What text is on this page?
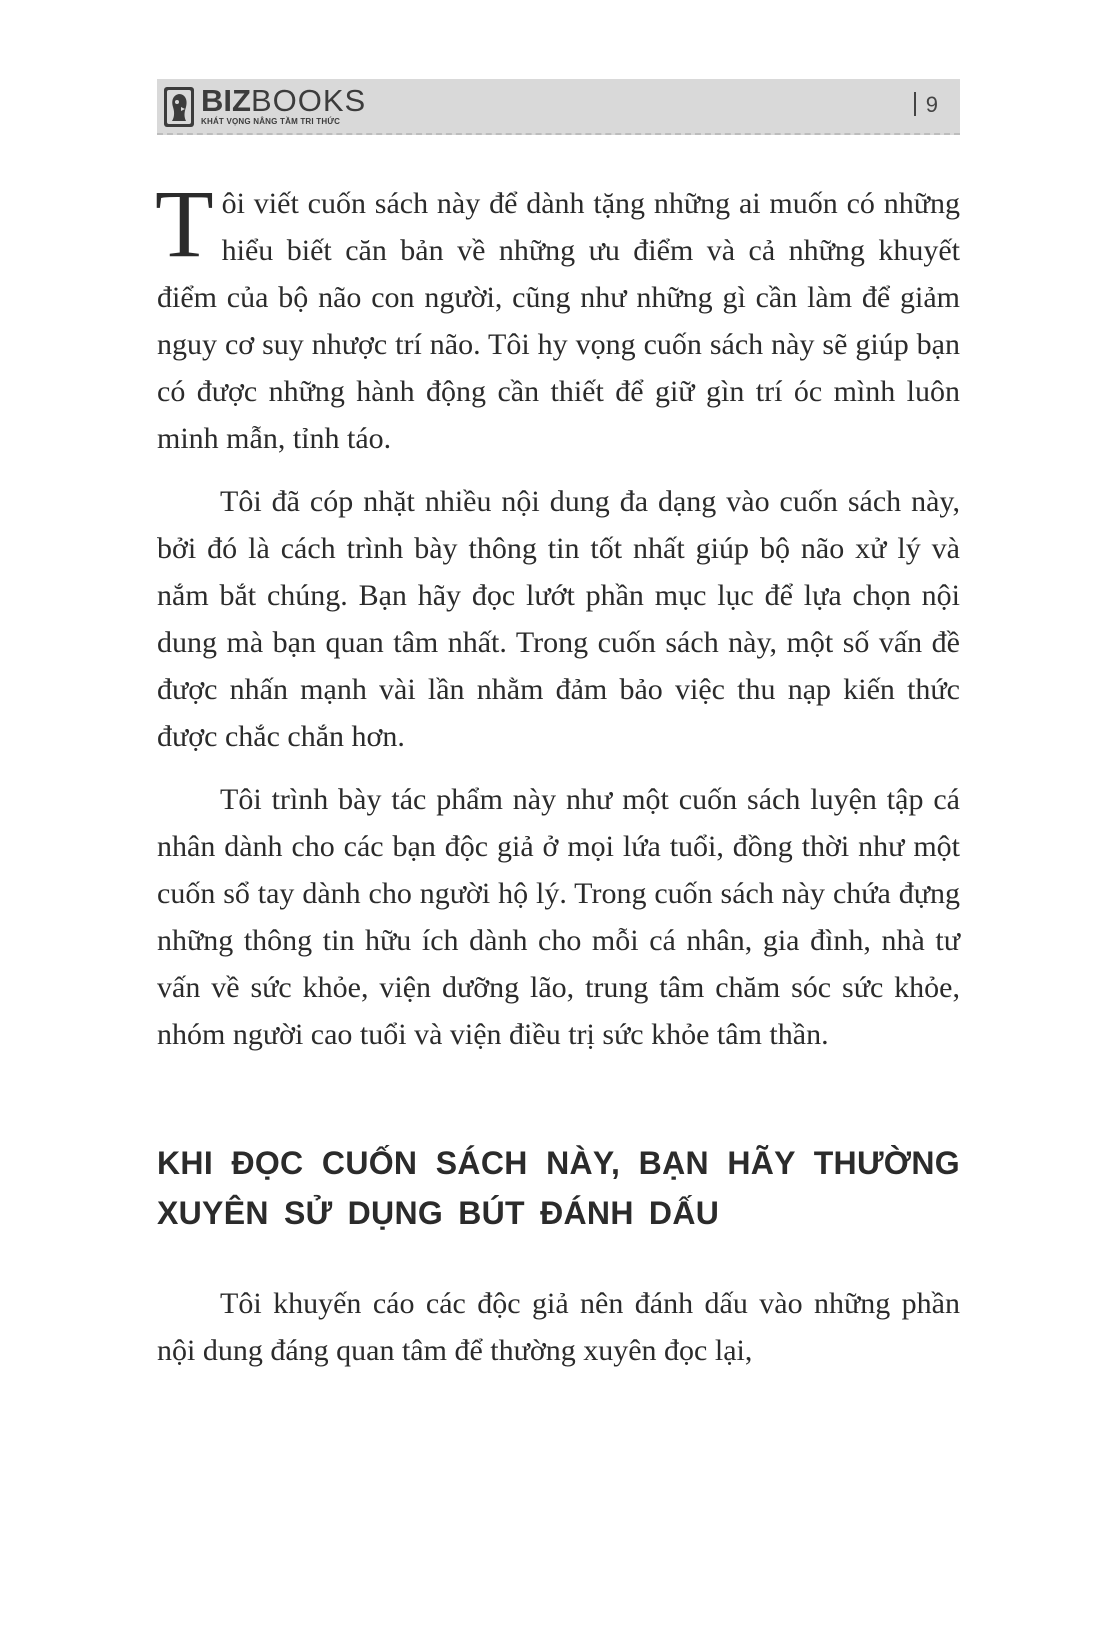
BIZBOOKS
KHÁT VỌNG NÂNG TẦM TRI THỨC
9

Tôi viết cuốn sách này để dành tặng những ai muốn có những hiểu biết căn bản về những ưu điểm và cả những khuyết điểm của bộ não con người, cũng như những gì cần làm để giảm nguy cơ suy nhược trí não. Tôi hy vọng cuốn sách này sẽ giúp bạn có được những hành động cần thiết để giữ gìn trí óc mình luôn minh mẫn, tỉnh táo.

Tôi đã cóp nhặt nhiều nội dung đa dạng vào cuốn sách này, bởi đó là cách trình bày thông tin tốt nhất giúp bộ não xử lý và nắm bắt chúng. Bạn hãy đọc lướt phần mục lục để lựa chọn nội dung mà bạn quan tâm nhất. Trong cuốn sách này, một số vấn đề được nhấn mạnh vài lần nhằm đảm bảo việc thu nạp kiến thức được chắc chắn hơn.

Tôi trình bày tác phẩm này như một cuốn sách luyện tập cá nhân dành cho các bạn độc giả ở mọi lứa tuổi, đồng thời như một cuốn sổ tay dành cho người hộ lý. Trong cuốn sách này chứa đựng những thông tin hữu ích dành cho mỗi cá nhân, gia đình, nhà tư vấn về sức khỏe, viện dưỡng lão, trung tâm chăm sóc sức khỏe, nhóm người cao tuổi và viện điều trị sức khỏe tâm thần.

KHI ĐỌC CUỐN SÁCH NÀY, BẠN HÃY THƯỜNG XUYÊN SỬ DỤNG BÚT ĐÁNH DẤU

Tôi khuyến cáo các độc giả nên đánh dấu vào những phần nội dung đáng quan tâm để thường xuyên đọc lại,
